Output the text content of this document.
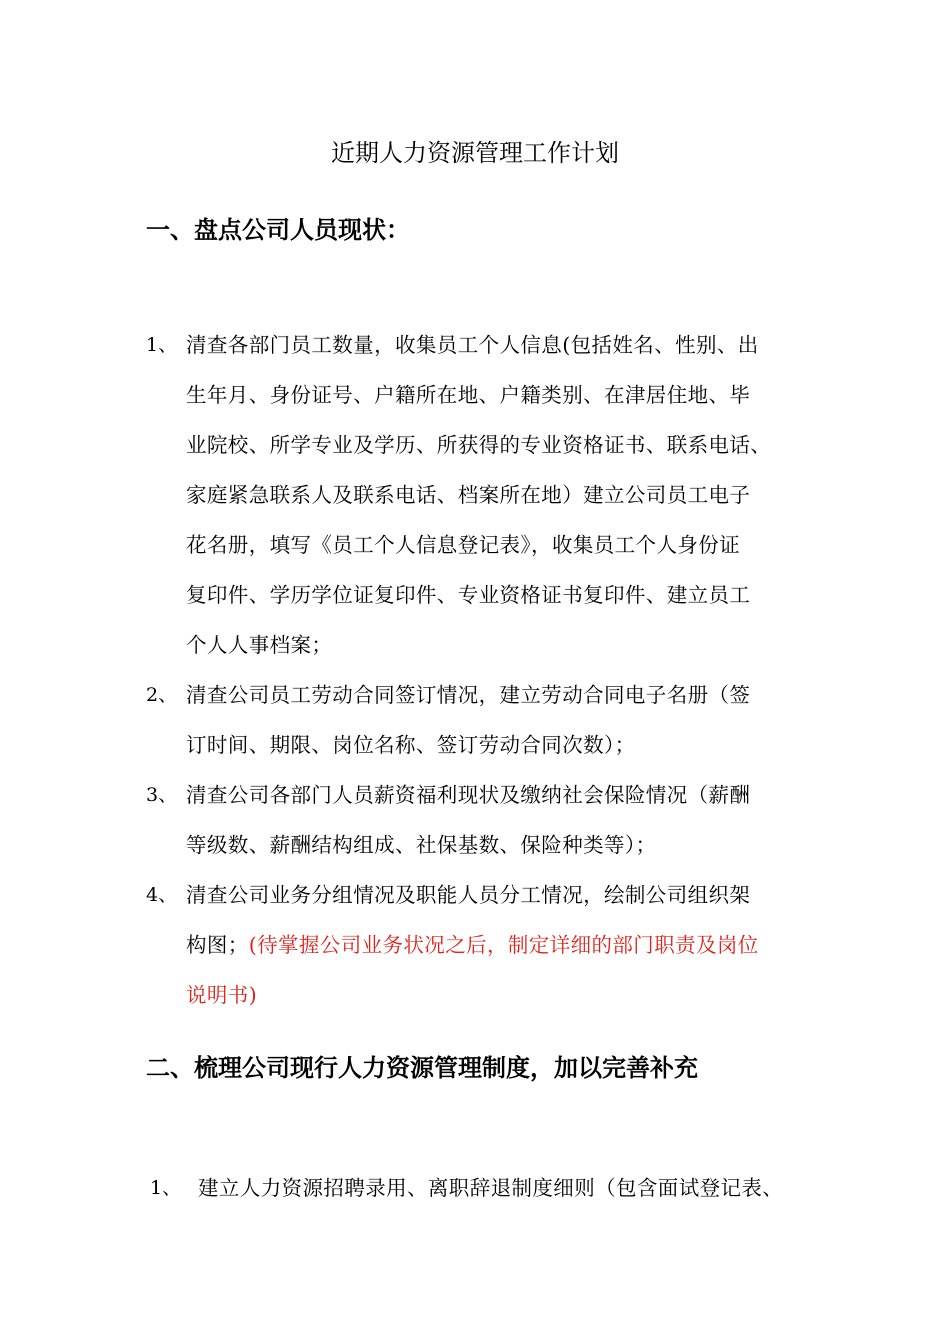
近期人力资源管理工作计划
一、盘点公司人员现状：
1、 清查各部门员工数量，收集员工个人信息(包括姓名、性别、出
生年月、身份证号、户籍所在地、户籍类别、在津居住地、毕
业院校、所学专业及学历、所获得的专业资格证书、联系电话、
家庭紧急联系人及联系电话、档案所在地）建立公司员工电子
花名册，填写《员工个人信息登记表》，收集员工个人身份证
复印件、学历学位证复印件、专业资格证书复印件、建立员工
个人人事档案；
2、 清查公司员工劳动合同签订情况，建立劳动合同电子名册（签
订时间、期限、岗位名称、签订劳动合同次数）；
3、 清查公司各部门人员薪资福利现状及缴纳社会保险情况（薪酬
等级数、薪酬结构组成、社保基数、保险种类等）；
4、 清查公司业务分组情况及职能人员分工情况，绘制公司组织架
构图；(待掌握公司业务状况之后，制定详细的部门职责及岗位
说明书)
二、梳理公司现行人力资源管理制度，加以完善补充
1、 建立人力资源招聘录用、离职辞退制度细则（包含面试登记表、
